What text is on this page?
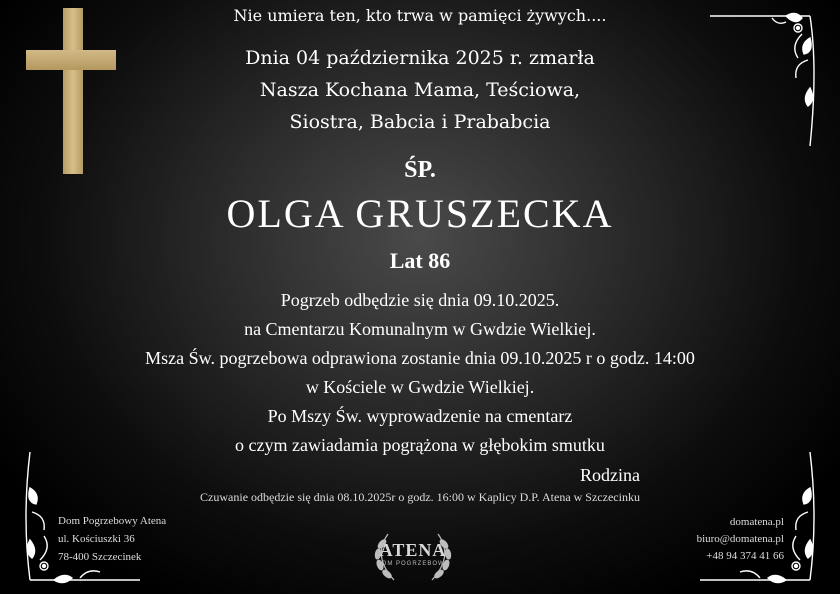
Nie umiera ten, kto trwa w pamięci żywych....
Dnia 04 października 2025 r. zmarła
Nasza Kochana Mama, Teściowa,
Siostra, Babcia i Prababcia
ŚP.
OLGA GRUSZECKA
Lat 86
Pogrzeb odbędzie się dnia 09.10.2025.
na Cmentarzu Komunalnym w Gwdzie Wielkiej.
Msza Św. pogrzebowa odprawiona zostanie dnia 09.10.2025 r o godz. 14:00
w Kościele w Gwdzie Wielkiej.
Po Mszy Św. wyprowadzenie na cmentarz
o czym zawiadamia pogrążona w głębokim smutku
Rodzina
Czuwanie odbędzie się dnia 08.10.2025r o godz. 16:00 w Kaplicy D.P. Atena w Szczecinku
Dom Pogrzebowy Atena
ul. Kościuszki 36
78-400 Szczecinek
domatena.pl
biuro@domatena.pl
+48 94 374 41 66
ATENA
DOM POGRZEBOWY
